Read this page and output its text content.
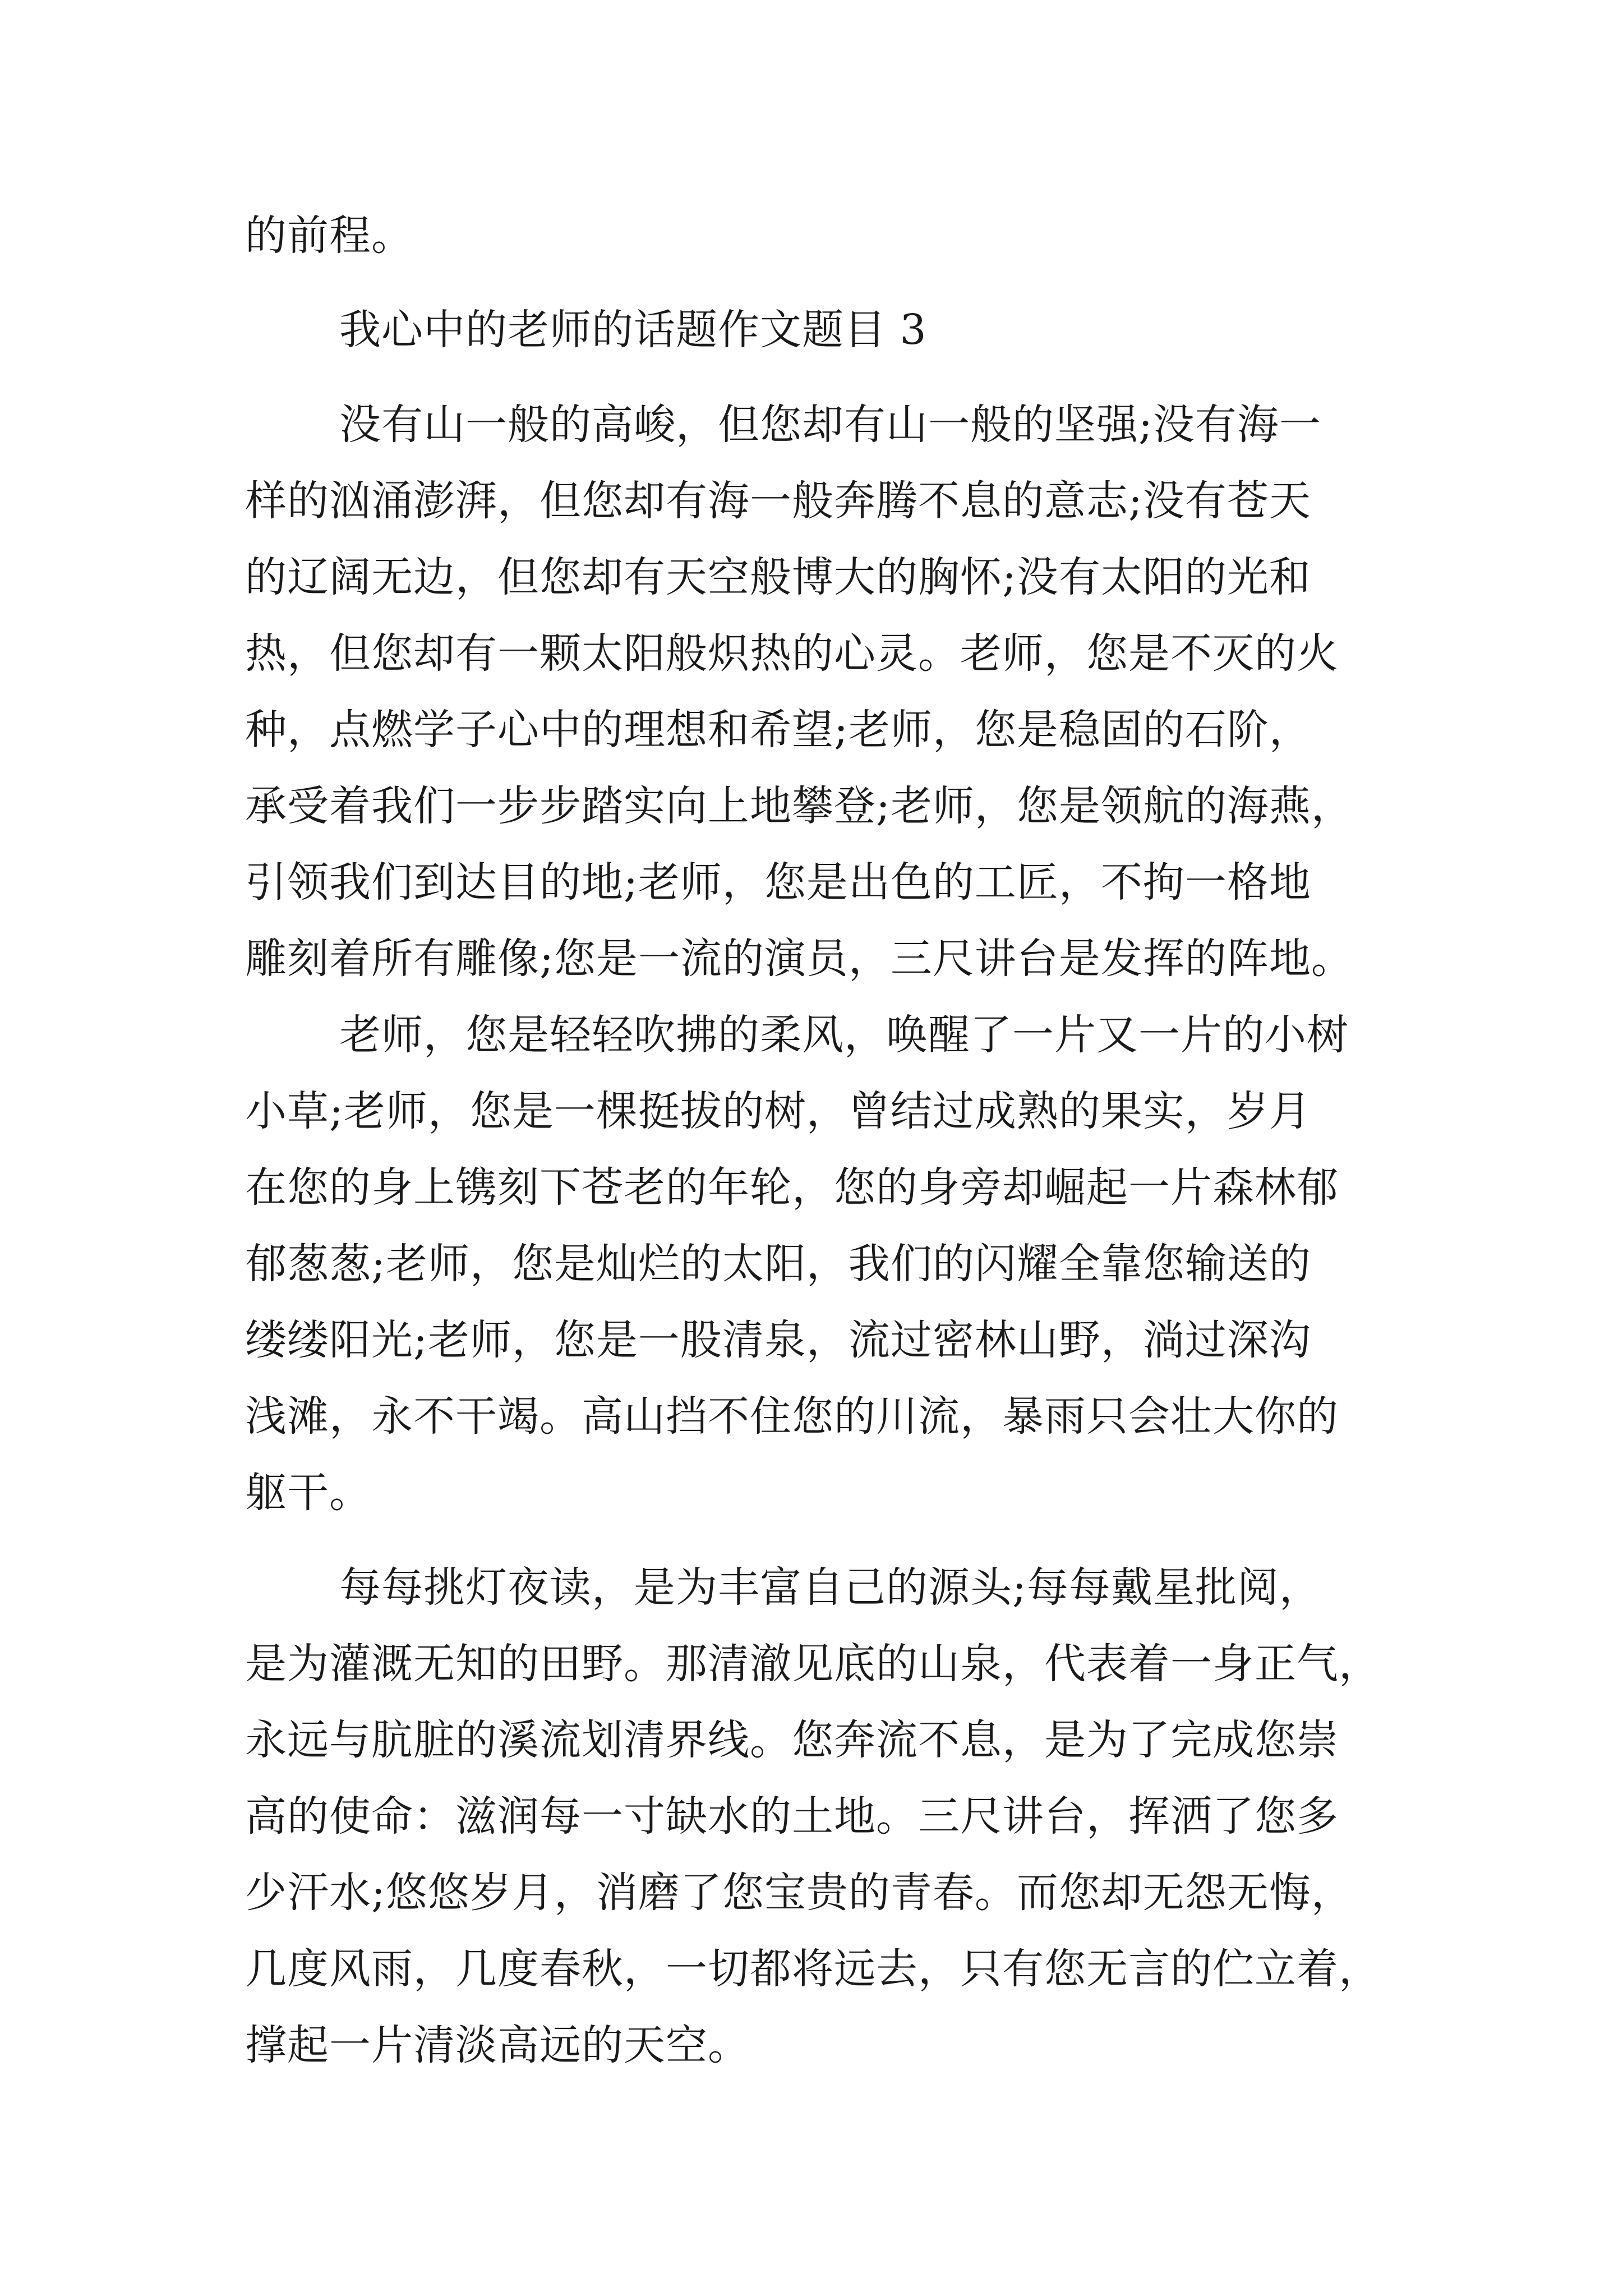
的前程。
我心中的老师的话题作文题目 3
没有山一般的高峻，但您却有山一般的坚强;没有海一
样的汹涌澎湃，但您却有海一般奔腾不息的意志;没有苍天
的辽阔无边，但您却有天空般博大的胸怀;没有太阳的光和
热，但您却有一颗太阳般炽热的心灵。老师，您是不灭的火
种，点燃学子心中的理想和希望;老师，您是稳固的石阶，
承受着我们一步步踏实向上地攀登;老师，您是领航的海燕，
引领我们到达目的地;老师，您是出色的工匠，不拘一格地
雕刻着所有雕像;您是一流的演员，三尺讲台是发挥的阵地。
老师，您是轻轻吹拂的柔风，唤醒了一片又一片的小树
小草;老师，您是一棵挺拔的树，曾结过成熟的果实，岁月
在您的身上镌刻下苍老的年轮，您的身旁却崛起一片森林郁
郁葱葱;老师，您是灿烂的太阳，我们的闪耀全靠您输送的
缕缕阳光;老师，您是一股清泉，流过密林山野，淌过深沟
浅滩，永不干竭。高山挡不住您的川流，暴雨只会壮大你的
躯干。
每每挑灯夜读，是为丰富自己的源头;每每戴星批阅，
是为灌溉无知的田野。那清澈见底的山泉，代表着一身正气，
永远与肮脏的溪流划清界线。您奔流不息，是为了完成您崇
高的使命：滋润每一寸缺水的土地。三尺讲台，挥洒了您多
少汗水;悠悠岁月，消磨了您宝贵的青春。而您却无怨无悔，
几度风雨，几度春秋，一切都将远去，只有您无言的伫立着，
撑起一片清淡高远的天空。
